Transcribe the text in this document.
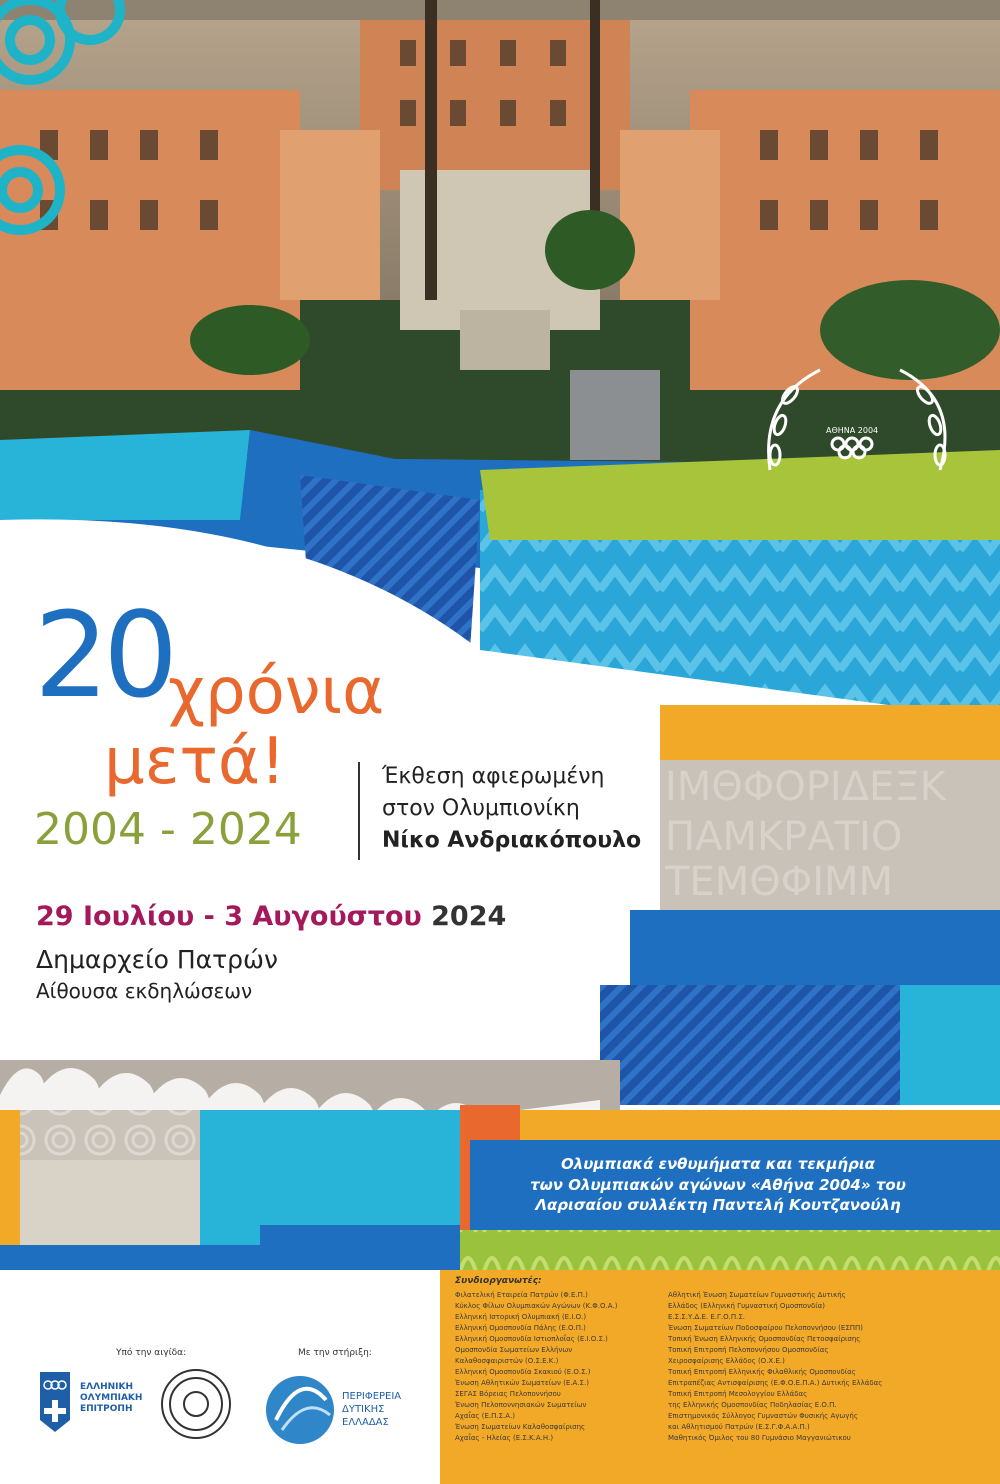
ΙΜΘΦΟΡΙΔΕΞΚ
ΠΑΜΚΡΑΤΙΟ
ΤΕΜΘΦΙΜΜ
ΑΘΗΝΑ 2004
20
χρόνια
μετά!
2004 - 2024
Έκθεση αφιερωμένη
στον Ολυμπιονίκη
Νίκο Ανδριακόπουλο
29 Ιουλίου - 3 Αυγούστου 2024
Δημαρχείο Πατρών
Αίθουσα εκδηλώσεων
Ολυμπιακά ενθυμήματα και τεκμήρια
των Ολυμπιακών αγώνων «Αθήνα 2004» του
Λαρισαίου συλλέκτη Παντελή Κουτζανούλη
Συνδιοργανωτές:
Φιλατελική Εταιρεία Πατρών (Φ.Ε.Π.)
Κύκλος Φίλων Ολυμπιακών Αγώνων (Κ.Φ.Ο.Α.)
Ελληνική Ιστορική Ολυμπιακή (Ε.Ι.Ο.)
Ελληνική Ομοσπονδία Πάλης (Ε.Ο.Π.)
Ελληνική Ομοσπονδία Ιστιοπλοΐας (Ε.Ι.Ο.Σ.)
Ομοσπονδία Σωματείων Ελλήνων
Καλαθοσφαιριστών (Ο.Σ.Ε.Κ.)
Ελληνική Ομοσπονδία Σκακιού (Ε.Ο.Σ.)
Ένωση Αθλητικών Σωματείων (Ε.Α.Σ.)
ΣΕΓΑΣ Βόρειας Πελοποννήσου
Ένωση Πελοποννησιακών Σωματείων
Αχαΐας (Ε.Π.Σ.Α.)
Ένωση Σωματείων Καλαθοσφαίρισης
Αχαΐας - Ηλείας (Ε.Σ.Κ.Α.Η.)
Αθλητική Ένωση Σωματείων Γυμναστικής Δυτικής
Ελλάδος (Ελληνική Γυμναστική Ομοσπονδία)
Ε.Σ.Σ.Υ.Δ.Ε. Ε.Γ.Ο.Π.Σ.
Ένωση Σωματείων Ποδοσφαίρου Πελοποννήσου (ΕΣΠΠ)
Τοπική Ένωση Ελληνικής Ομοσπονδίας Πετοσφαίρισης
Τοπική Επιτροπή Πελοποννήσου Ομοσπονδίας
Χειροσφαίρισης Ελλάδος (Ο.Χ.Ε.)
Τοπική Επιτροπή Ελληνικής Φιλαθλικής Ομοσπονδίας
Επιτραπέζιας Αντισφαίρισης (Ε.Φ.Ο.Ε.Π.Α.) Δυτικής Ελλάδας
Τοπική Επιτροπή Μεσολογγίου Ελλάδας
της Ελληνικής Ομοσπονδίας Ποδηλασίας Ε.Ο.Π.
Επιστημονικός Σύλλογος Γυμναστών Φυσικής Αγωγής
και Αθλητισμού Πατρών (Ε.Σ.Γ.Φ.Α.Α.Π.)
Μαθητικός Όμιλος του 80 Γυμνάσιο Μαγγανιώτικου
Υπό την αιγίδα:	Με την στήριξη:
ΕΛΛΗΝΙΚΗ
ΟΛΥΜΠΙΑΚΗ
ΕΠΙΤΡΟΠΗ
ΠΕΡΙΦΕΡΕΙΑ
ΔΥΤΙΚΗΣ
ΕΛΛΑΔΑΣ
